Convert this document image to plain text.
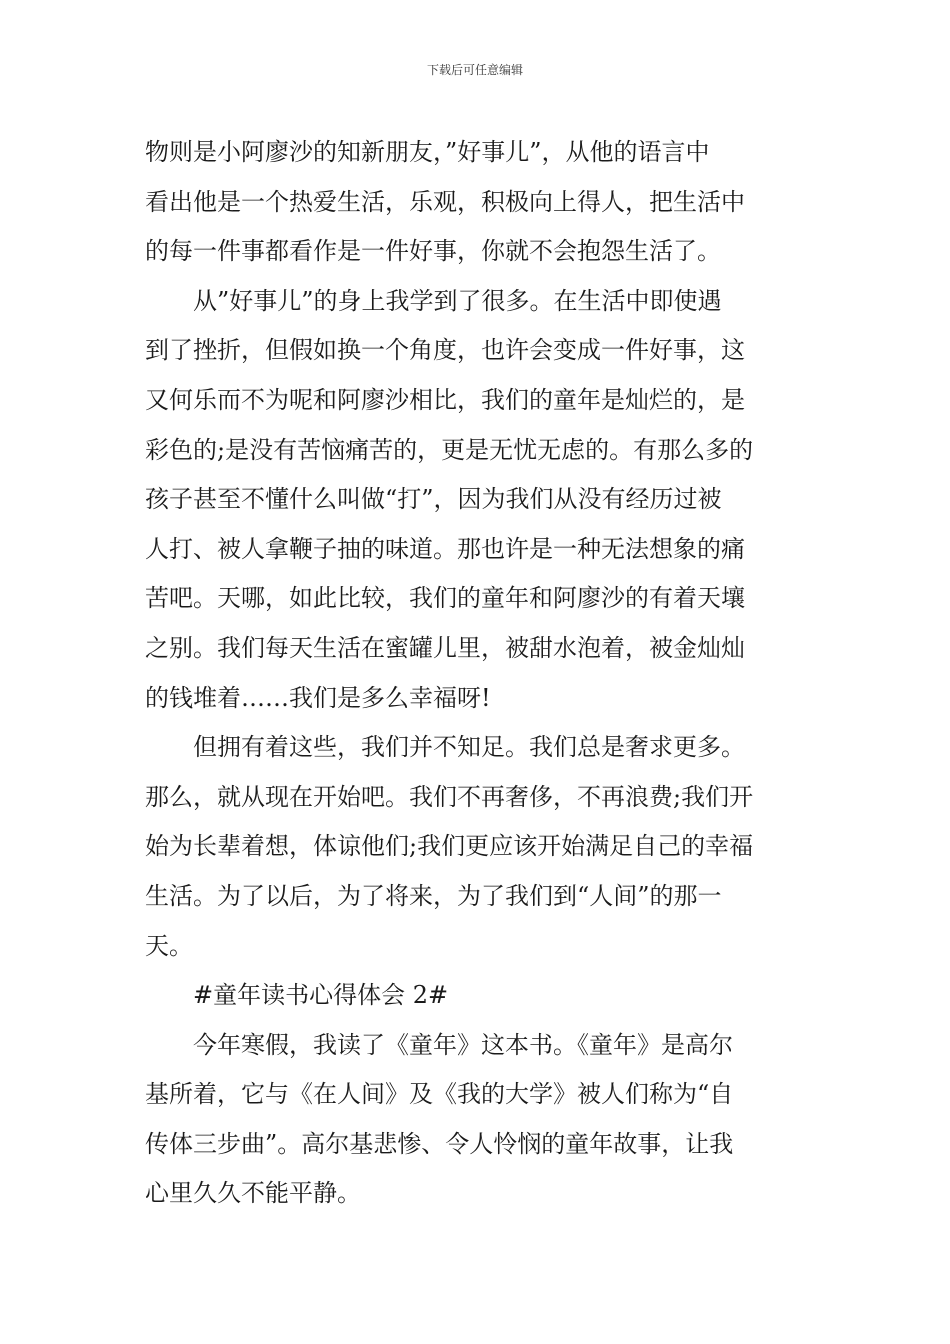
下载后可任意编辑
物则是小阿廖沙的知新朋友，”好事儿”，从他的语言中
看出他是一个热爱生活，乐观，积极向上得人，把生活中
的每一件事都看作是一件好事，你就不会抱怨生活了。
从”好事儿”的身上我学到了很多。在生活中即使遇
到了挫折，但假如换一个角度，也许会变成一件好事，这
又何乐而不为呢和阿廖沙相比，我们的童年是灿烂的，是
彩色的;是没有苦恼痛苦的，更是无忧无虑的。有那么多的
孩子甚至不懂什么叫做“打”，因为我们从没有经历过被
人打、被人拿鞭子抽的味道。那也许是一种无法想象的痛
苦吧。天哪，如此比较，我们的童年和阿廖沙的有着天壤
之别。我们每天生活在蜜罐儿里，被甜水泡着，被金灿灿
的钱堆着……我们是多么幸福呀!
但拥有着这些，我们并不知足。我们总是奢求更多。
那么，就从现在开始吧。我们不再奢侈，不再浪费;我们开
始为长辈着想，体谅他们;我们更应该开始满足自己的幸福
生活。为了以后，为了将来，为了我们到“人间”的那一
天。
#童年读书心得体会 2#
今年寒假，我读了《童年》这本书。《童年》是高尔
基所着，它与《在人间》及《我的大学》被人们称为“自
传体三步曲”。高尔基悲惨、令人怜悯的童年故事，让我
心里久久不能平静。
